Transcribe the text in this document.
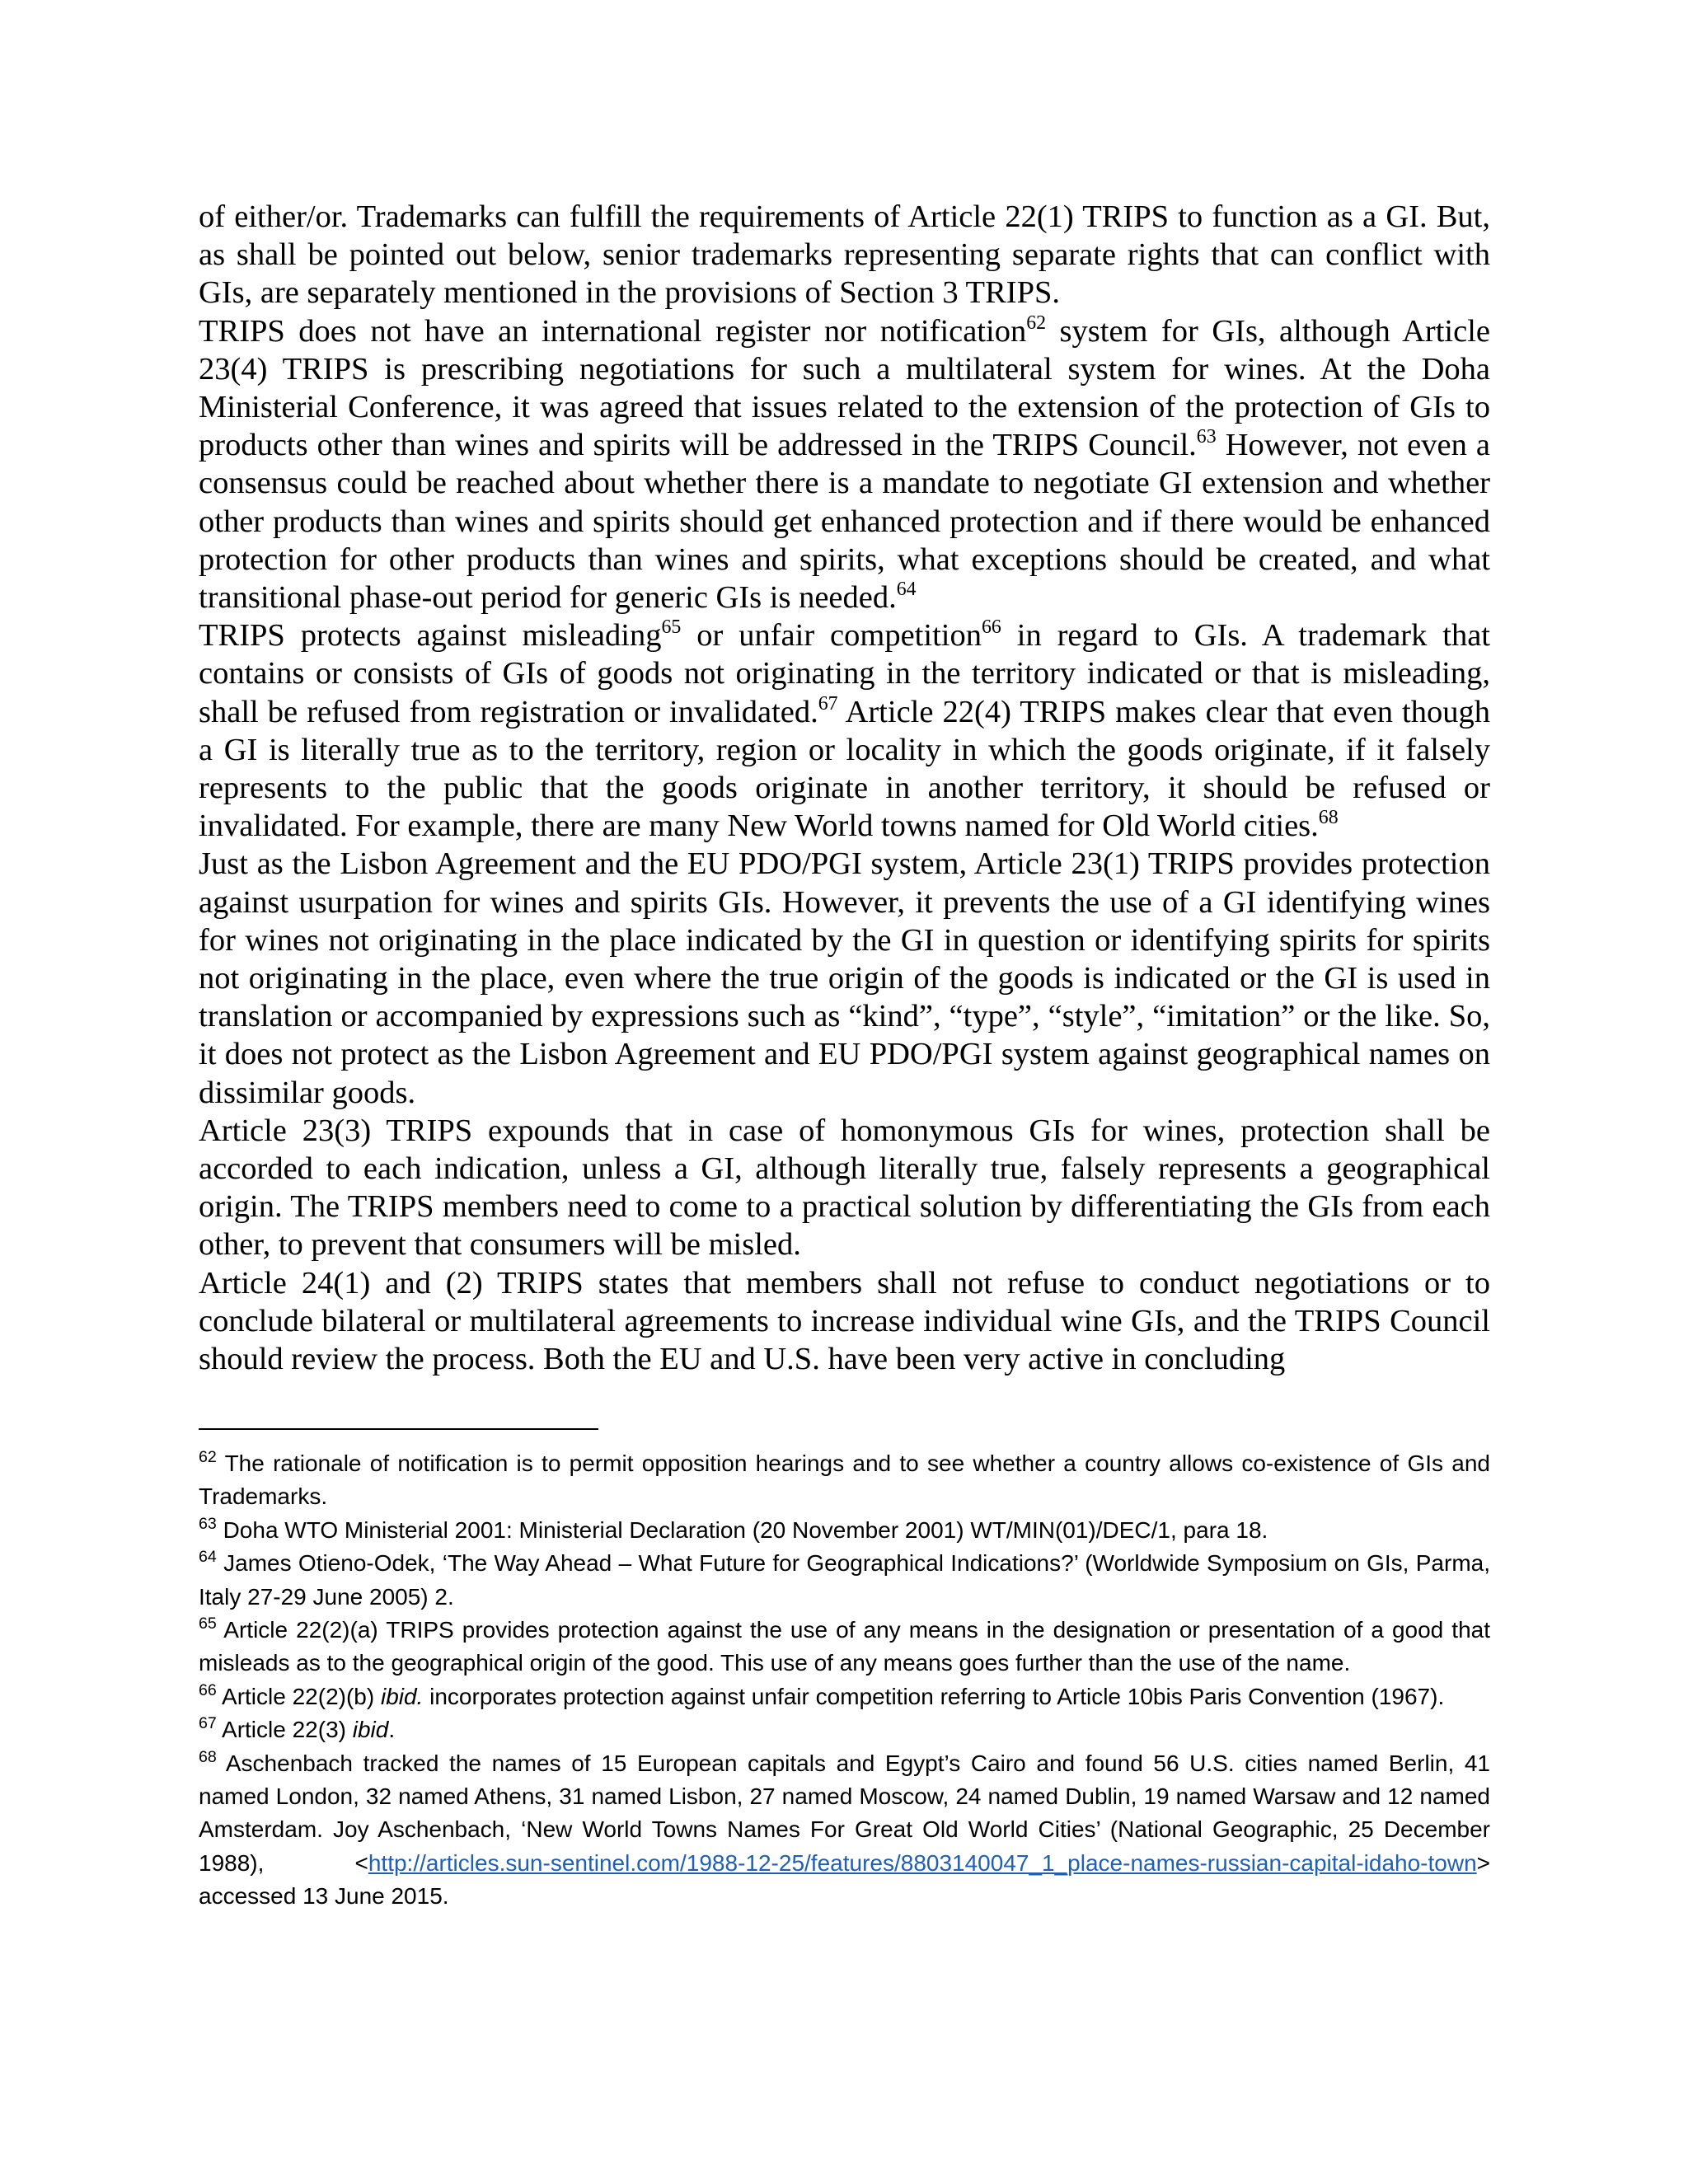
of either/or. Trademarks can fulfill the requirements of Article 22(1) TRIPS to function as a GI. But, as shall be pointed out below, senior trademarks representing separate rights that can conflict with GIs, are separately mentioned in the provisions of Section 3 TRIPS.

TRIPS does not have an international register nor notification$^{62}$ system for GIs, although Article 23(4) TRIPS is prescribing negotiations for such a multilateral system for wines. At the Doha Ministerial Conference, it was agreed that issues related to the extension of the protection of GIs to products other than wines and spirits will be addressed in the TRIPS Council.$^{63}$ However, not even a consensus could be reached about whether there is a mandate to negotiate GI extension and whether other products than wines and spirits should get enhanced protection and if there would be enhanced protection for other products than wines and spirits, what exceptions should be created, and what transitional phase-out period for generic GIs is needed.$^{64}$

TRIPS protects against misleading$^{65}$ or unfair competition$^{66}$ in regard to GIs. A trademark that contains or consists of GIs of goods not originating in the territory indicated or that is misleading, shall be refused from registration or invalidated.$^{67}$ Article 22(4) TRIPS makes clear that even though a GI is literally true as to the territory, region or locality in which the goods originate, if it falsely represents to the public that the goods originate in another territory, it should be refused or invalidated. For example, there are many New World towns named for Old World cities.$^{68}$

Just as the Lisbon Agreement and the EU PDO/PGI system, Article 23(1) TRIPS provides protection against usurpation for wines and spirits GIs. However, it prevents the use of a GI identifying wines for wines not originating in the place indicated by the GI in question or identifying spirits for spirits not originating in the place, even where the true origin of the goods is indicated or the GI is used in translation or accompanied by expressions such as “kind”, “type”, “style”, “imitation” or the like. So, it does not protect as the Lisbon Agreement and EU PDO/PGI system against geographical names on dissimilar goods.

Article 23(3) TRIPS expounds that in case of homonymous GIs for wines, protection shall be accorded to each indication, unless a GI, although literally true, falsely represents a geographical origin. The TRIPS members need to come to a practical solution by differentiating the GIs from each other, to prevent that consumers will be misled.

Article 24(1) and (2) TRIPS states that members shall not refuse to conduct negotiations or to conclude bilateral or multilateral agreements to increase individual wine GIs, and the TRIPS Council should review the process. Both the EU and U.S. have been very active in concluding

$^{62}$ The rationale of notification is to permit opposition hearings and to see whether a country allows co-existence of GIs and Trademarks.

$^{63}$ Doha WTO Ministerial 2001: Ministerial Declaration (20 November 2001) WT/MIN(01)/DEC/1, para 18.

$^{64}$ James Otieno-Odek, ‘The Way Ahead – What Future for Geographical Indications?’ (Worldwide Symposium on GIs, Parma, Italy 27-29 June 2005) 2.

$^{65}$ Article 22(2)(a) TRIPS provides protection against the use of any means in the designation or presentation of a good that misleads as to the geographical origin of the good. This use of any means goes further than the use of the name.

$^{66}$ Article 22(2)(b) ibid. incorporates protection against unfair competition referring to Article 10bis Paris Convention (1967).

$^{67}$ Article 22(3) ibid.

$^{68}$ Aschenbach tracked the names of 15 European capitals and Egypt’s Cairo and found 56 U.S. cities named Berlin, 41 named London, 32 named Athens, 31 named Lisbon, 27 named Moscow, 24 named Dublin, 19 named Warsaw and 12 named Amsterdam. Joy Aschenbach, ‘New World Towns Names For Great Old World Cities’ (National Geographic, 25 December 1988), <http://articles.sun-sentinel.com/1988-12-25/features/8803140047_1_place-names-russian-capital-idaho-town> accessed 13 June 2015.
